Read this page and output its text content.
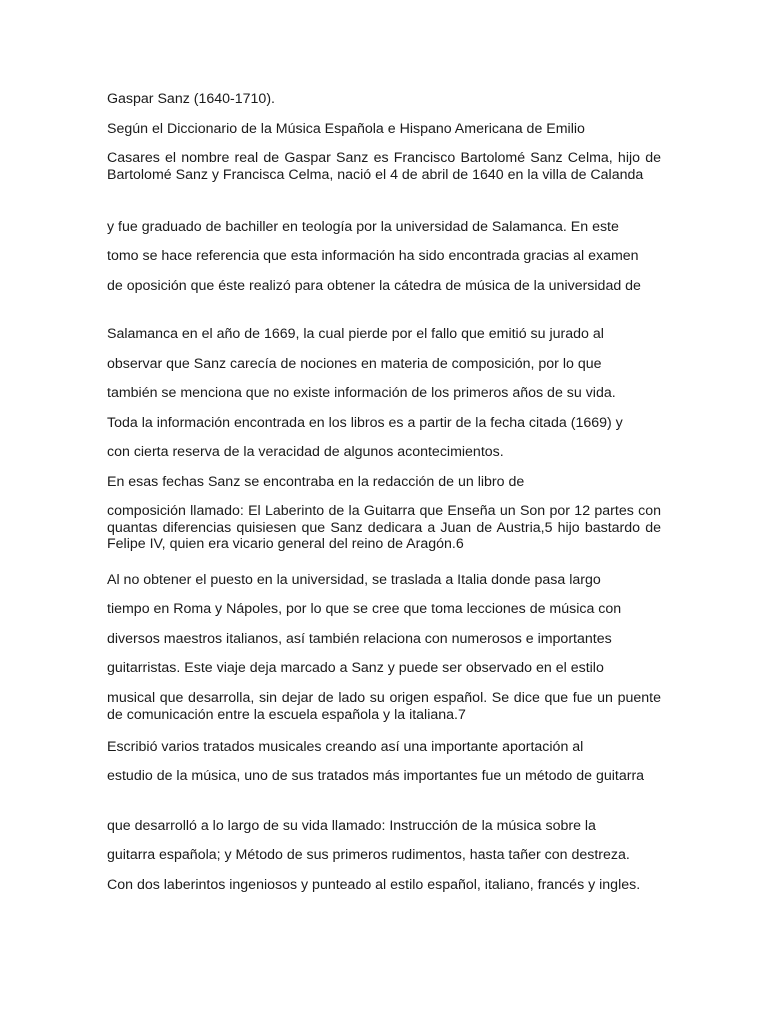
Gaspar Sanz (1640-1710).

Según el Diccionario de la Música Española e Hispano Americana de Emilio

Casares el nombre real de Gaspar Sanz es Francisco Bartolomé Sanz Celma, hijo de Bartolomé Sanz y Francisca Celma, nació el 4 de abril de 1640 en la villa de Calanda

y fue graduado de bachiller en teología por la universidad de Salamanca. En este

tomo se hace referencia que esta información ha sido encontrada gracias al examen

de oposición que éste realizó para obtener la cátedra de música de la universidad de

Salamanca en el año de 1669, la cual pierde por el fallo que emitió su jurado al

observar que Sanz carecía de nociones en materia de composición, por lo que

también se menciona que no existe información de los primeros años de su vida.

Toda la información encontrada en los libros es a partir de la fecha citada (1669) y

con cierta reserva de la veracidad de algunos acontecimientos.

En esas fechas Sanz se encontraba en la redacción de un libro de

composición llamado: El Laberinto de la Guitarra que Enseña un Son por 12 partes con quantas diferencias quisiesen que Sanz dedicara a Juan de Austria,5 hijo bastardo de Felipe IV, quien era vicario general del reino de Aragón.6

Al no obtener el puesto en la universidad, se traslada a Italia donde pasa largo

tiempo en Roma y Nápoles, por lo que se cree que toma lecciones de música con

diversos maestros italianos, así también relaciona con numerosos e importantes

guitarristas. Este viaje deja marcado a Sanz y puede ser observado en el estilo

musical que desarrolla, sin dejar de lado su origen español. Se dice que fue un puente de comunicación entre la escuela española y la italiana.7

Escribió varios tratados musicales creando así una importante aportación al

estudio de la música, uno de sus tratados más importantes fue un método de guitarra

que desarrolló a lo largo de su vida llamado: Instrucción de la música sobre la

guitarra española; y Método de sus primeros rudimentos, hasta tañer con destreza.

Con dos laberintos ingeniosos y punteado al estilo español, italiano, francés y ingles.
